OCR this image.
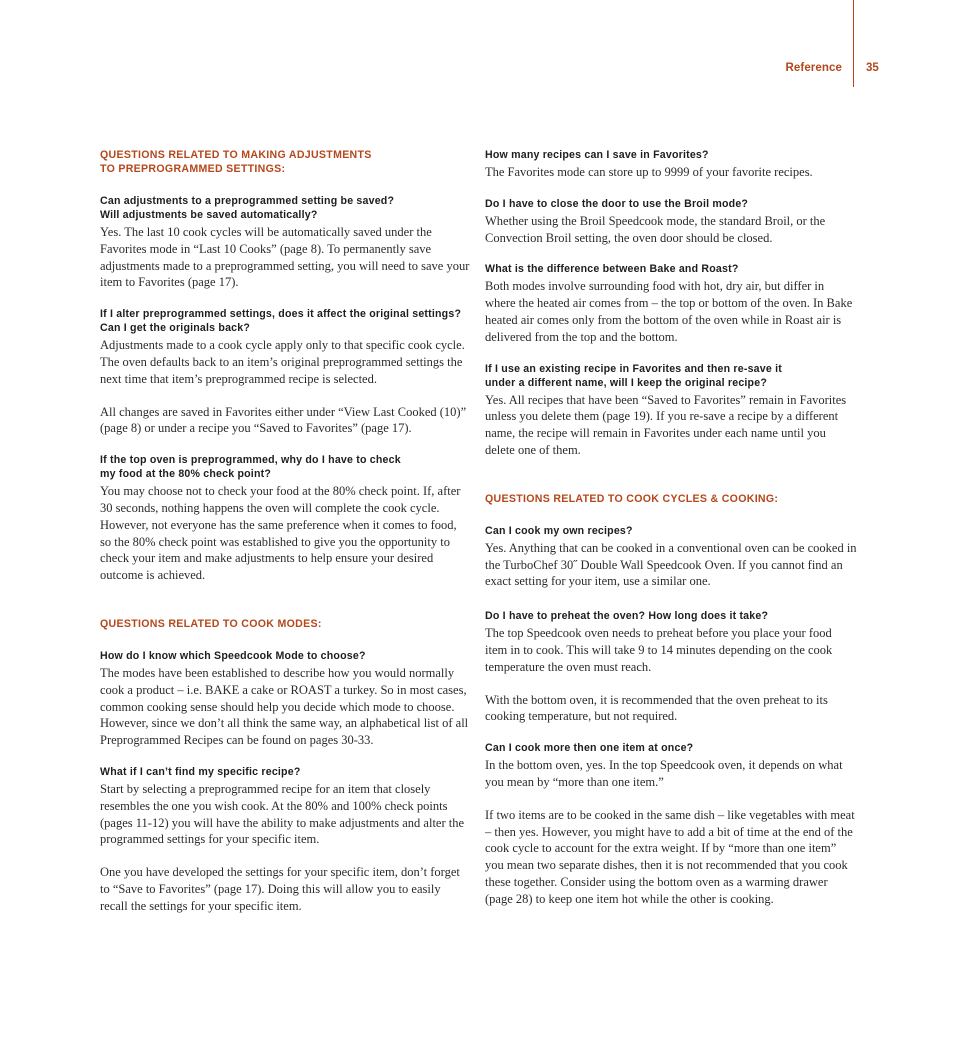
Reference 35
QUESTIONS RELATED TO MAKING ADJUSTMENTS
TO PREPROGRAMMED SETTINGS:
Can adjustments to a preprogrammed setting be saved?
Will adjustments be saved automatically?

Yes. The last 10 cook cycles will be automatically saved under the Favorites mode in “Last 10 Cooks” (page 8). To permanently save adjustments made to a preprogrammed setting, you will need to save your item to Favorites (page 17).

If I alter preprogrammed settings, does it affect the original settings? Can I get the originals back?

Adjustments made to a cook cycle apply only to that specific cook cycle. The oven defaults back to an item’s original preprogrammed settings the next time that item’s preprogrammed recipe is selected.

All changes are saved in Favorites either under “View Last Cooked (10)” (page 8) or under a recipe you “Saved to Favorites” (page 17).

If the top oven is preprogrammed, why do I have to check
my food at the 80% check point?

You may choose not to check your food at the 80% check point. If, after 30 seconds, nothing happens the oven will complete the cook cycle. However, not everyone has the same preference when it comes to food, so the 80% check point was established to give you the opportunity to check your item and make adjustments to help ensure your desired outcome is achieved.

QUESTIONS RELATED TO COOK MODES:
How do I know which Speedcook Mode to choose?

The modes have been established to describe how you would normally cook a product – i.e. BAKE a cake or ROAST a turkey. So in most cases, common cooking sense should help you decide which mode to choose. However, since we don’t all think the same way, an alphabetical list of all Preprogrammed Recipes can be found on pages 30-33.

What if I can’t find my specific recipe?

Start by selecting a preprogrammed recipe for an item that closely resembles the one you wish cook. At the 80% and 100% check points (pages 11-12) you will have the ability to make adjustments and alter the programmed settings for your specific item.

One you have developed the settings for your specific item, don’t forget to “Save to Favorites” (page 17). Doing this will allow you to easily recall the settings for your specific item.

How many recipes can I save in Favorites?

The Favorites mode can store up to 9999 of your favorite recipes.

Do I have to close the door to use the Broil mode?

Whether using the Broil Speedcook mode, the standard Broil, or the Convection Broil setting, the oven door should be closed.

What is the difference between Bake and Roast?

Both modes involve surrounding food with hot, dry air, but differ in where the heated air comes from – the top or bottom of the oven. In Bake heated air comes only from the bottom of the oven while in Roast air is delivered from the top and the bottom.

If I use an existing recipe in Favorites and then re-save it
under a different name, will I keep the original recipe?

Yes. All recipes that have been “Saved to Favorites” remain in Favorites unless you delete them (page 19). If you re-save a recipe by a different name, the recipe will remain in Favorites under each name until you delete one of them.

QUESTIONS RELATED TO COOK CYCLES & COOKING:
Can I cook my own recipes?

Yes. Anything that can be cooked in a conventional oven can be cooked in the TurboChef 30˝ Double Wall Speedcook Oven. If you cannot find an exact setting for your item, use a similar one.

Do I have to preheat the oven? How long does it take?

The top Speedcook oven needs to preheat before you place your food item in to cook. This will take 9 to 14 minutes depending on the cook temperature the oven must reach.

With the bottom oven, it is recommended that the oven preheat to its cooking temperature, but not required.

Can I cook more then one item at once?

In the bottom oven, yes. In the top Speedcook oven, it depends on what you mean by “more than one item.”

If two items are to be cooked in the same dish – like vegetables with meat – then yes. However, you might have to add a bit of time at the end of the cook cycle to account for the extra weight. If by “more than one item” you mean two separate dishes, then it is not recommended that you cook these together. Consider using the bottom oven as a warming drawer (page 28) to keep one item hot while the other is cooking.
